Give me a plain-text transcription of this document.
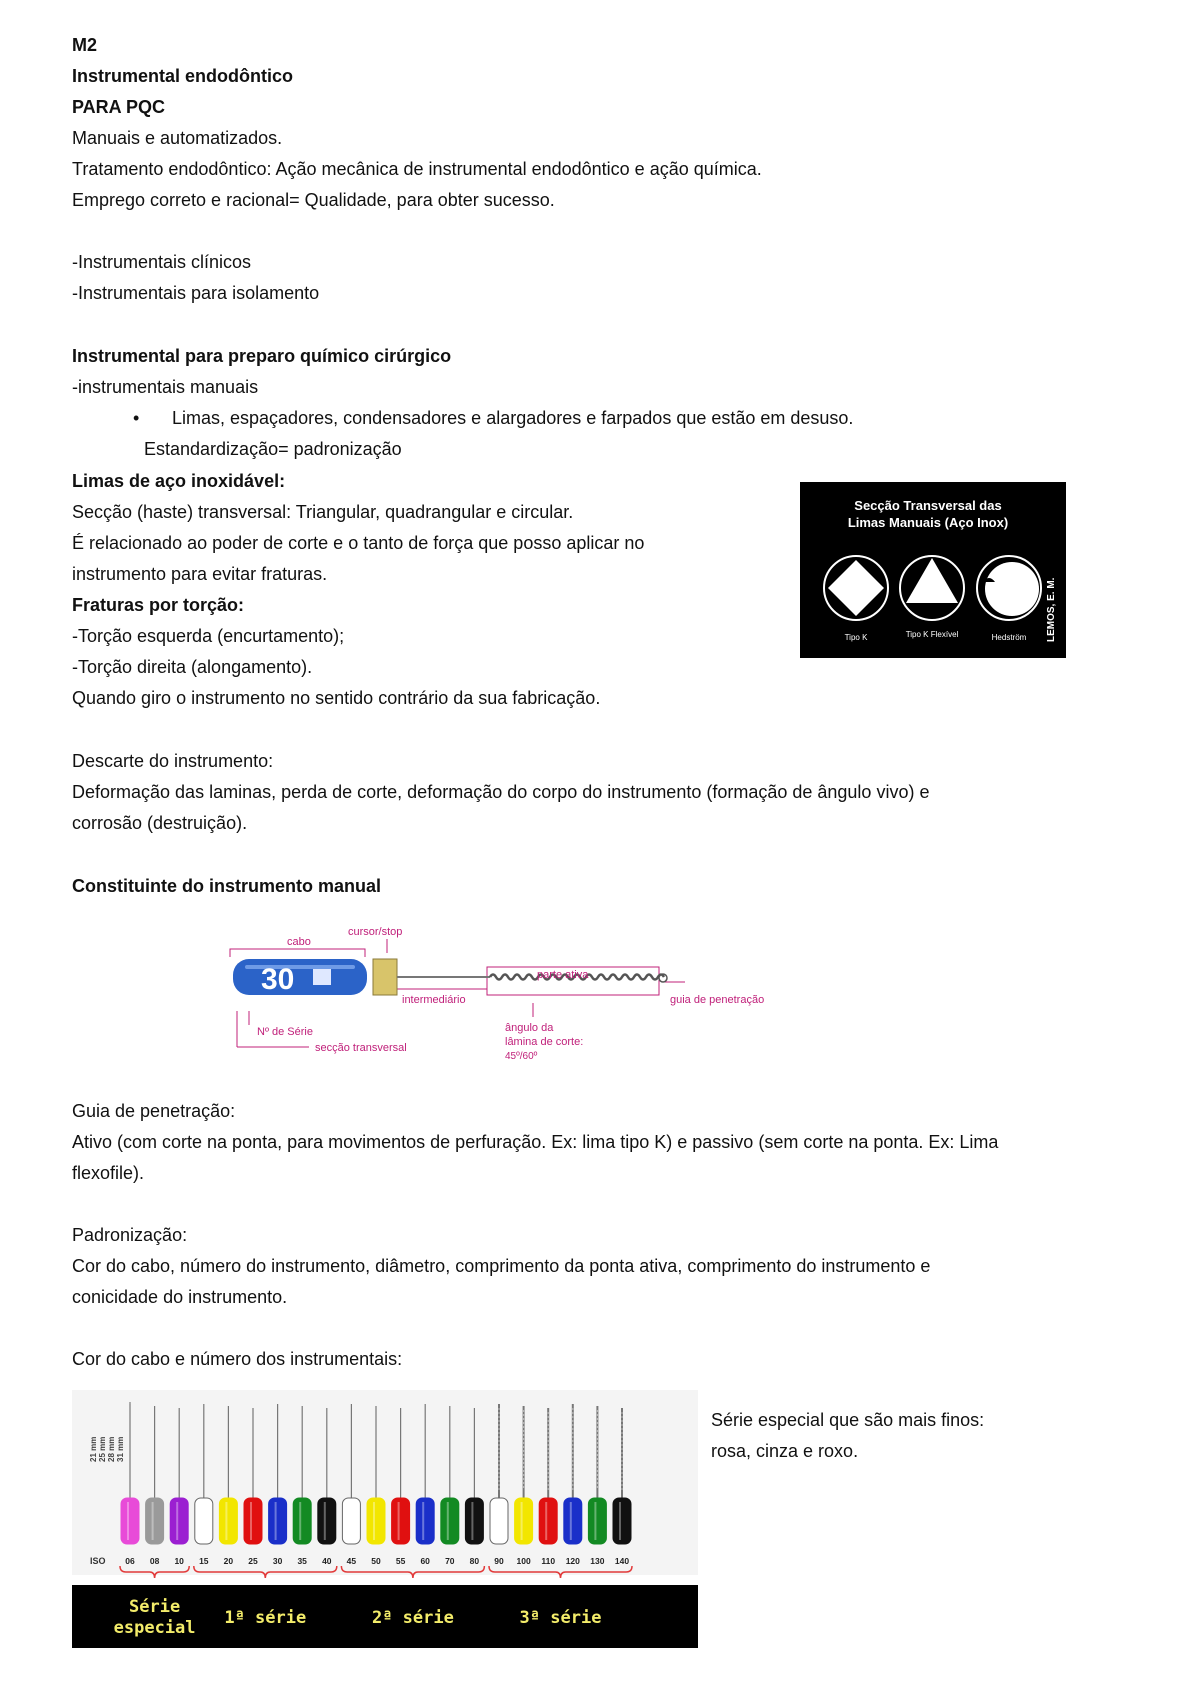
M2
Instrumental endodôntico
PARA PQC
Manuais e automatizados.
Tratamento endodôntico: Ação mecânica de instrumental endodôntico e ação química.
Emprego correto e racional= Qualidade, para obter sucesso.
-Instrumentais clínicos
-Instrumentais para isolamento
Instrumental para preparo químico cirúrgico
-instrumentais manuais
• Limas, espaçadores, condensadores e alargadores e farpados que estão em desuso.
Estandardização= padronização
Limas de aço inoxidável:
Secção (haste) transversal: Triangular, quadrangular e circular.
É relacionado ao poder de corte e o tanto de força que posso aplicar no
instrumento para evitar fraturas.
Fraturas por torção:
-Torção esquerda (encurtamento);
-Torção direita (alongamento).
Quando giro o instrumento no sentido contrário da sua fabricação.
Secção Transversal das
Limas Manuais (Aço Inox)
Tipo K	Tipo K Flexível	Hedström LEMOS, E. M.
Descarte do instrumento:
Deformação das laminas, perda de corte, deformação do corpo do instrumento (formação de ângulo vivo) e
corrosão (destruição).
Constituinte do instrumento manual
30
cabo
cursor/stop
parte ativa
intermediário	guia de penetração
Nº de Série
secção transversal
ângulo da
lâmina de corte:
45º/60º
Guia de penetração:
Ativo (com corte na ponta, para movimentos de perfuração. Ex: lima tipo K) e passivo (sem corte na ponta. Ex: Lima
flexofile).
Padronização:
Cor do cabo, número do instrumento, diâmetro, comprimento da ponta ativa, comprimento do instrumento e
conicidade do instrumento.
Cor do cabo e número dos instrumentais:
21 mm 25 mm 28 mm 31 mm
06 08 10 15 20 25 30 35 40 45 50 55 60 70 80 90 100 110 120 130 140
ISO
Série
especial 1ª série	2ª série	3ª série
Série especial que são mais finos:
rosa, cinza e roxo.
